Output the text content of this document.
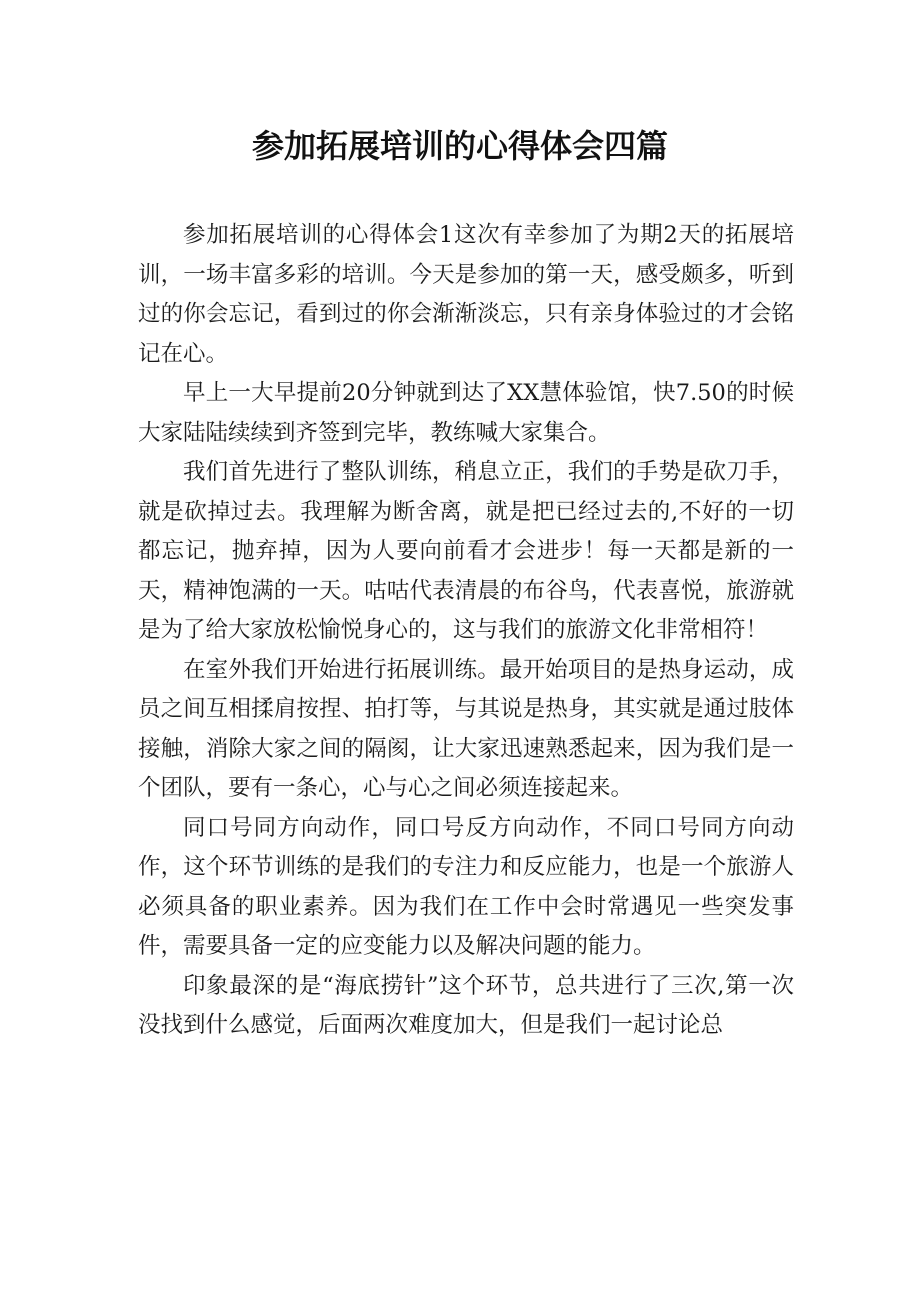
参加拓展培训的心得体会四篇

参加拓展培训的心得体会1这次有幸参加了为期2天的拓展培训，一场丰富多彩的培训。今天是参加的第一天，感受颇多，听到过的你会忘记，看到过的你会渐渐淡忘，只有亲身体验过的才会铭记在心。

早上一大早提前20分钟就到达了XX慧体验馆，快7.50的时候大家陆陆续续到齐签到完毕，教练喊大家集合。

我们首先进行了整队训练，稍息立正，我们的手势是砍刀手，就是砍掉过去。我理解为断舍离，就是把已经过去的,不好的一切都忘记，抛弃掉，因为人要向前看才会进步！每一天都是新的一天，精神饱满的一天。咕咕代表清晨的布谷鸟，代表喜悦，旅游就是为了给大家放松愉悦身心的，这与我们的旅游文化非常相符！

在室外我们开始进行拓展训练。最开始项目的是热身运动，成员之间互相揉肩按捏、拍打等，与其说是热身，其实就是通过肢体接触，消除大家之间的隔阂，让大家迅速熟悉起来，因为我们是一个团队，要有一条心，心与心之间必须连接起来。

同口号同方向动作，同口号反方向动作，不同口号同方向动作，这个环节训练的是我们的专注力和反应能力，也是一个旅游人必须具备的职业素养。因为我们在工作中会时常遇见一些突发事件，需要具备一定的应变能力以及解决问题的能力。

印象最深的是“海底捞针”这个环节，总共进行了三次,第一次没找到什么感觉，后面两次难度加大，但是我们一起讨论总
